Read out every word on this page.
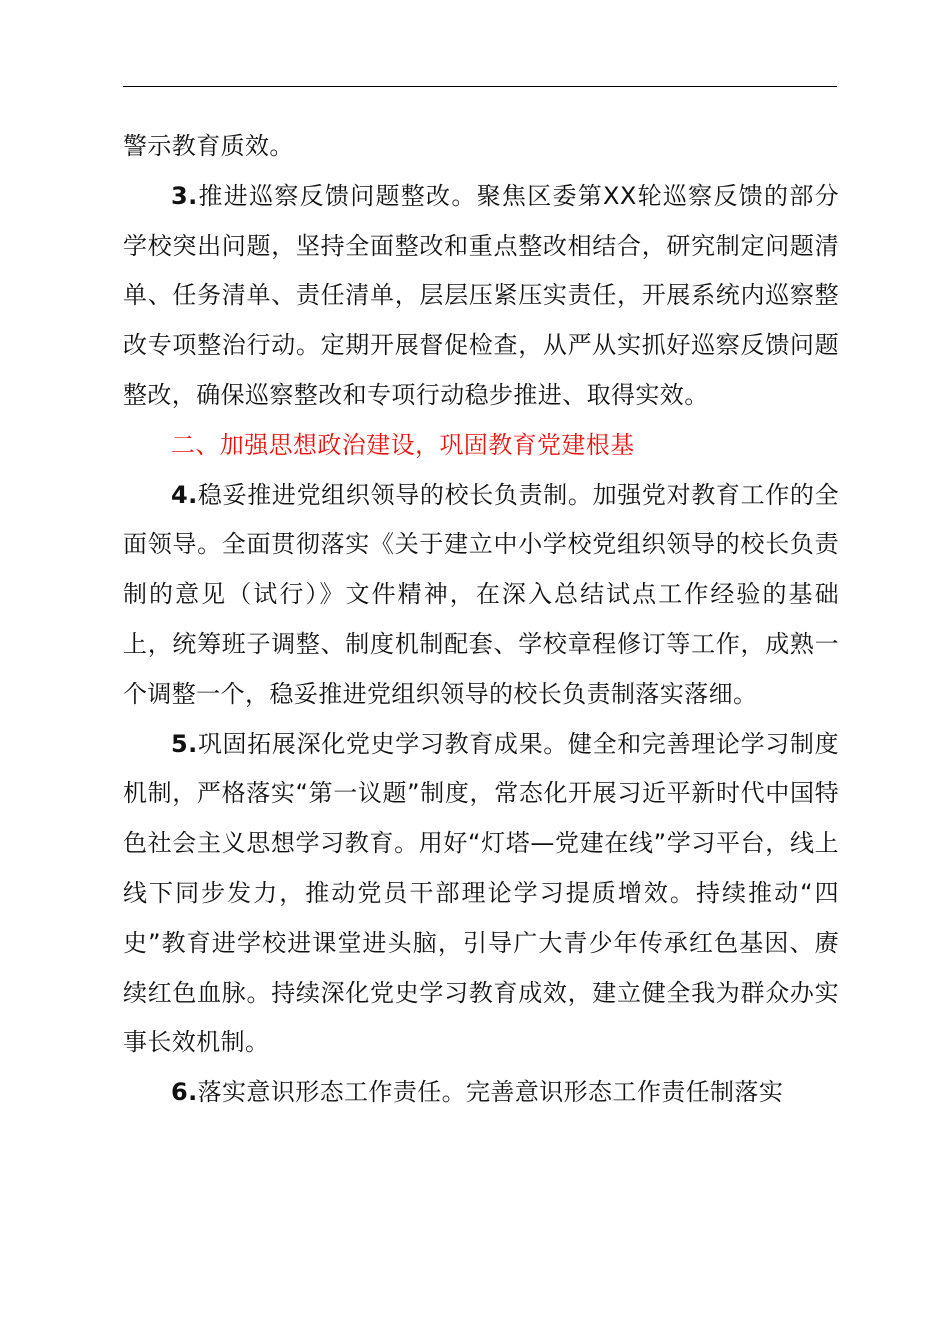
警示教育质效。

3.推进巡察反馈问题整改。聚焦区委第XX轮巡察反馈的部分学校突出问题，坚持全面整改和重点整改相结合，研究制定问题清单、任务清单、责任清单，层层压紧压实责任，开展系统内巡察整改专项整治行动。定期开展督促检查，从严从实抓好巡察反馈问题整改，确保巡察整改和专项行动稳步推进、取得实效。

二、加强思想政治建设，巩固教育党建根基

4.稳妥推进党组织领导的校长负责制。加强党对教育工作的全面领导。全面贯彻落实《关于建立中小学校党组织领导的校长负责制的意见（试行）》文件精神，在深入总结试点工作经验的基础上，统筹班子调整、制度机制配套、学校章程修订等工作，成熟一个调整一个，稳妥推进党组织领导的校长负责制落实落细。

5.巩固拓展深化党史学习教育成果。健全和完善理论学习制度机制，严格落实“第一议题”制度，常态化开展习近平新时代中国特色社会主义思想学习教育。用好“灯塔—党建在线”学习平台，线上线下同步发力，推动党员干部理论学习提质增效。持续推动“四史”教育进学校进课堂进头脑，引导广大青少年传承红色基因、赓续红色血脉。持续深化党史学习教育成效，建立健全我为群众办实事长效机制。

6.落实意识形态工作责任。完善意识形态工作责任制落实
